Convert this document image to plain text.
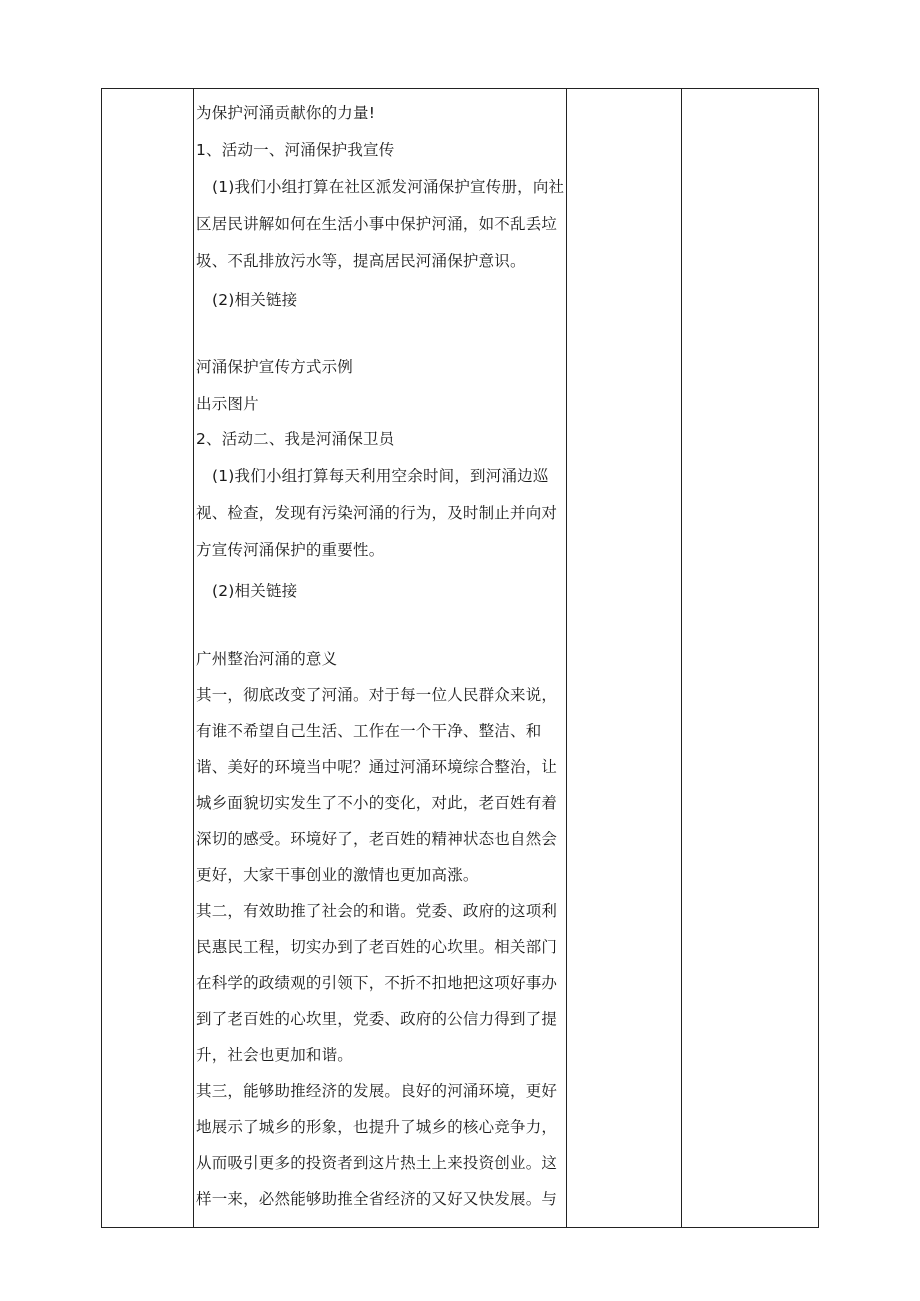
为保护河涌贡献你的力量!
1、活动一、河涌保护我宣传
(1)我们小组打算在社区派发河涌保护宣传册，向社
区居民讲解如何在生活小事中保护河涌，如不乱丢垃
圾、不乱排放污水等，提高居民河涌保护意识。
(2)相关链接
河涌保护宣传方式示例
出示图片
2、活动二、我是河涌保卫员
(1)我们小组打算每天利用空余时间，到河涌边巡
视、检查，发现有污染河涌的行为，及时制止并向对
方宣传河涌保护的重要性。
(2)相关链接
广州整治河涌的意义
其一，彻底改变了河涌。对于每一位人民群众来说，
有谁不希望自己生活、工作在一个干净、整洁、和
谐、美好的环境当中呢？通过河涌环境综合整治，让
城乡面貌切实发生了不小的变化，对此，老百姓有着
深切的感受。环境好了，老百姓的精神状态也自然会
更好，大家干事创业的激情也更加高涨。
其二，有效助推了社会的和谐。党委、政府的这项利
民惠民工程，切实办到了老百姓的心坎里。相关部门
在科学的政绩观的引领下，不折不扣地把这项好事办
到了老百姓的心坎里，党委、政府的公信力得到了提
升，社会也更加和谐。
其三，能够助推经济的发展。良好的河涌环境，更好
地展示了城乡的形象，也提升了城乡的核心竞争力，
从而吸引更多的投资者到这片热土上来投资创业。这
样一来，必然能够助推全省经济的又好又快发展。与
